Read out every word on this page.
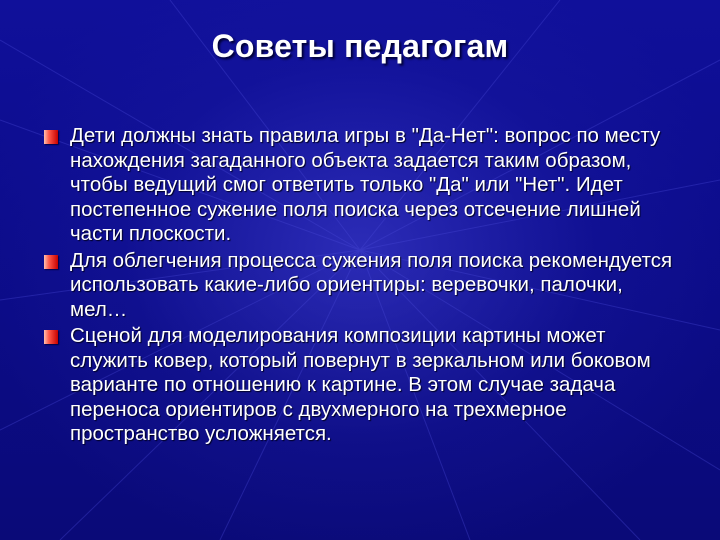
Советы педагогам
Дети должны знать правила игры в "Да-Нет": вопрос по месту нахождения загаданного объекта задается таким образом, чтобы ведущий смог ответить только "Да" или "Нет". Идет постепенное сужение поля поиска через отсечение лишней части плоскости.
Для облегчения процесса сужения поля поиска рекомендуется использовать какие-либо ориентиры: веревочки, палочки, мел…
Сценой для моделирования композиции картины может служить ковер, который повернут в зеркальном или боковом варианте по отношению к картине. В этом случае задача переноса ориентиров с двухмерного на трехмерное пространство усложняется.
